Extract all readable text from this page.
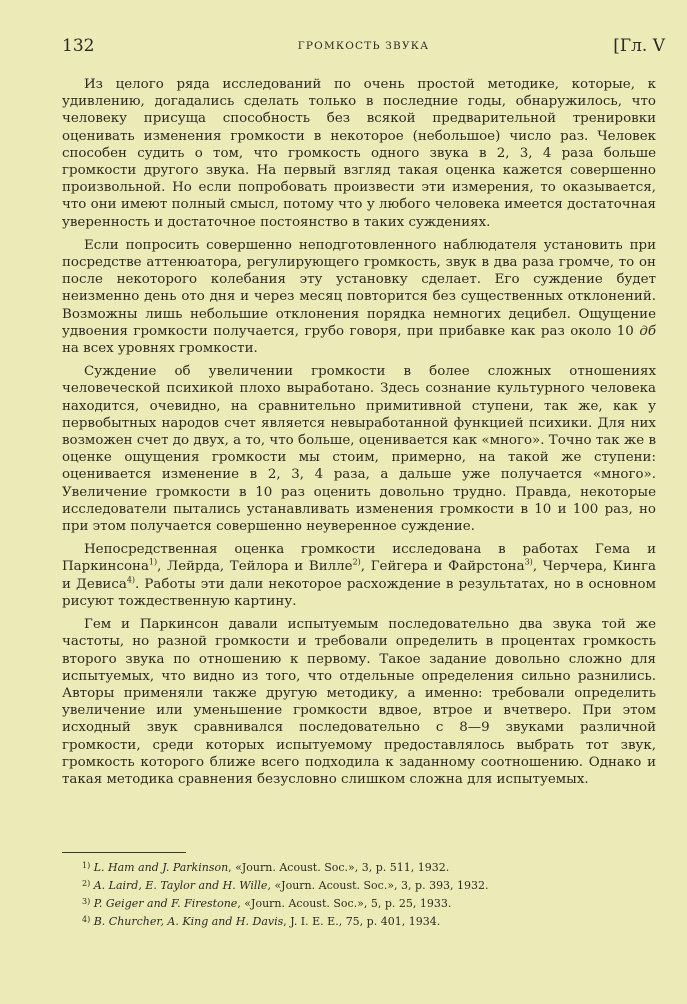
132	ГРОМКОСТЬ ЗВУКА	[Гл. V

Из целого ряда исследований по очень простой методике, которые, к удивлению, догадались сделать только в последние годы, обнаружилось, что человеку присуща способность без всякой предварительной тренировки оценивать изменения громкости в некоторое (небольшое) число раз. Человек способен судить о том, что громкость одного звука в 2, 3, 4 раза больше громкости другого звука. На первый взгляд такая оценка кажется совершенно произвольной. Но если попробовать произвести эти измерения, то оказывается, что они имеют полный смысл, потому что у любого человека имеется достаточная уверенность и достаточное постоянство в таких суждениях.

Если попросить совершенно неподготовленного наблюдателя установить при посредстве аттенюатора, регулирующего громкость, звук в два раза громче, то он после некоторого колебания эту установку сделает. Его суждение будет неизменно день ото дня и через месяц повторится без существенных отклонений. Возможны лишь небольшие отклонения порядка немногих децибел. Ощущение удвоения громкости получается, грубо говоря, при прибавке как раз около 10 дб на всех уровнях громкости.

Суждение об увеличении громкости в более сложных отношениях человеческой психикой плохо выработано. Здесь сознание культурного человека находится, очевидно, на сравнительно примитивной ступени, так же, как у первобытных народов счет является невыработанной функцией психики. Для них возможен счет до двух, а то, что больше, оценивается как «много». Точно так же в оценке ощущения громкости мы стоим, примерно, на такой же ступени: оценивается изменение в 2, 3, 4 раза, а дальше уже получается «много». Увеличение громкости в 10 раз оценить довольно трудно. Правда, некоторые исследователи пытались устанавливать изменения громкости в 10 и 100 раз, но при этом получается совершенно неуверенное суждение.

Непосредственная оценка громкости исследована в работах Гема и Паркинсона$^{1)}$, Лейрда, Тейлора и Вилле$^{2)}$, Гейгера и Файрстона$^{3)}$, Черчера, Кинга и Девиса$^{4)}$. Работы эти дали некоторое расхождение в результатах, но в основном рисуют тождественную картину.

Гем и Паркинсон давали испытуемым последовательно два звука той же частоты, но разной громкости и требовали определить в процентах громкость второго звука по отношению к первому. Такое задание довольно сложно для испытуемых, что видно из того, что отдельные определения сильно разнились. Авторы применяли также другую методику, а именно: требовали определить увеличение или уменьшение громкости вдвое, втрое и вчетверо. При этом исходный звук сравнивался последовательно с 8—9 звуками различной громкости, среди которых испытуемому предоставлялось выбрать тот звук, громкость которого ближе всего подходила к заданному соотношению. Однако и такая методика сравнения безусловно слишком сложна для испытуемых.

$^{1)}$ L. Ham and J. Parkinson, «Journ. Acoust. Soc.», 3, p. 511, 1932.
$^{2)}$ A. Laird, E. Taylor and H. Wille, «Journ. Acoust. Soc.», 3, p. 393, 1932.
$^{3)}$ P. Geiger and F. Firestone, «Journ. Acoust. Soc.», 5, p. 25, 1933.
$^{4)}$ B. Churcher, A. King and H. Davis, J. I. E. E., 75, p. 401, 1934.
